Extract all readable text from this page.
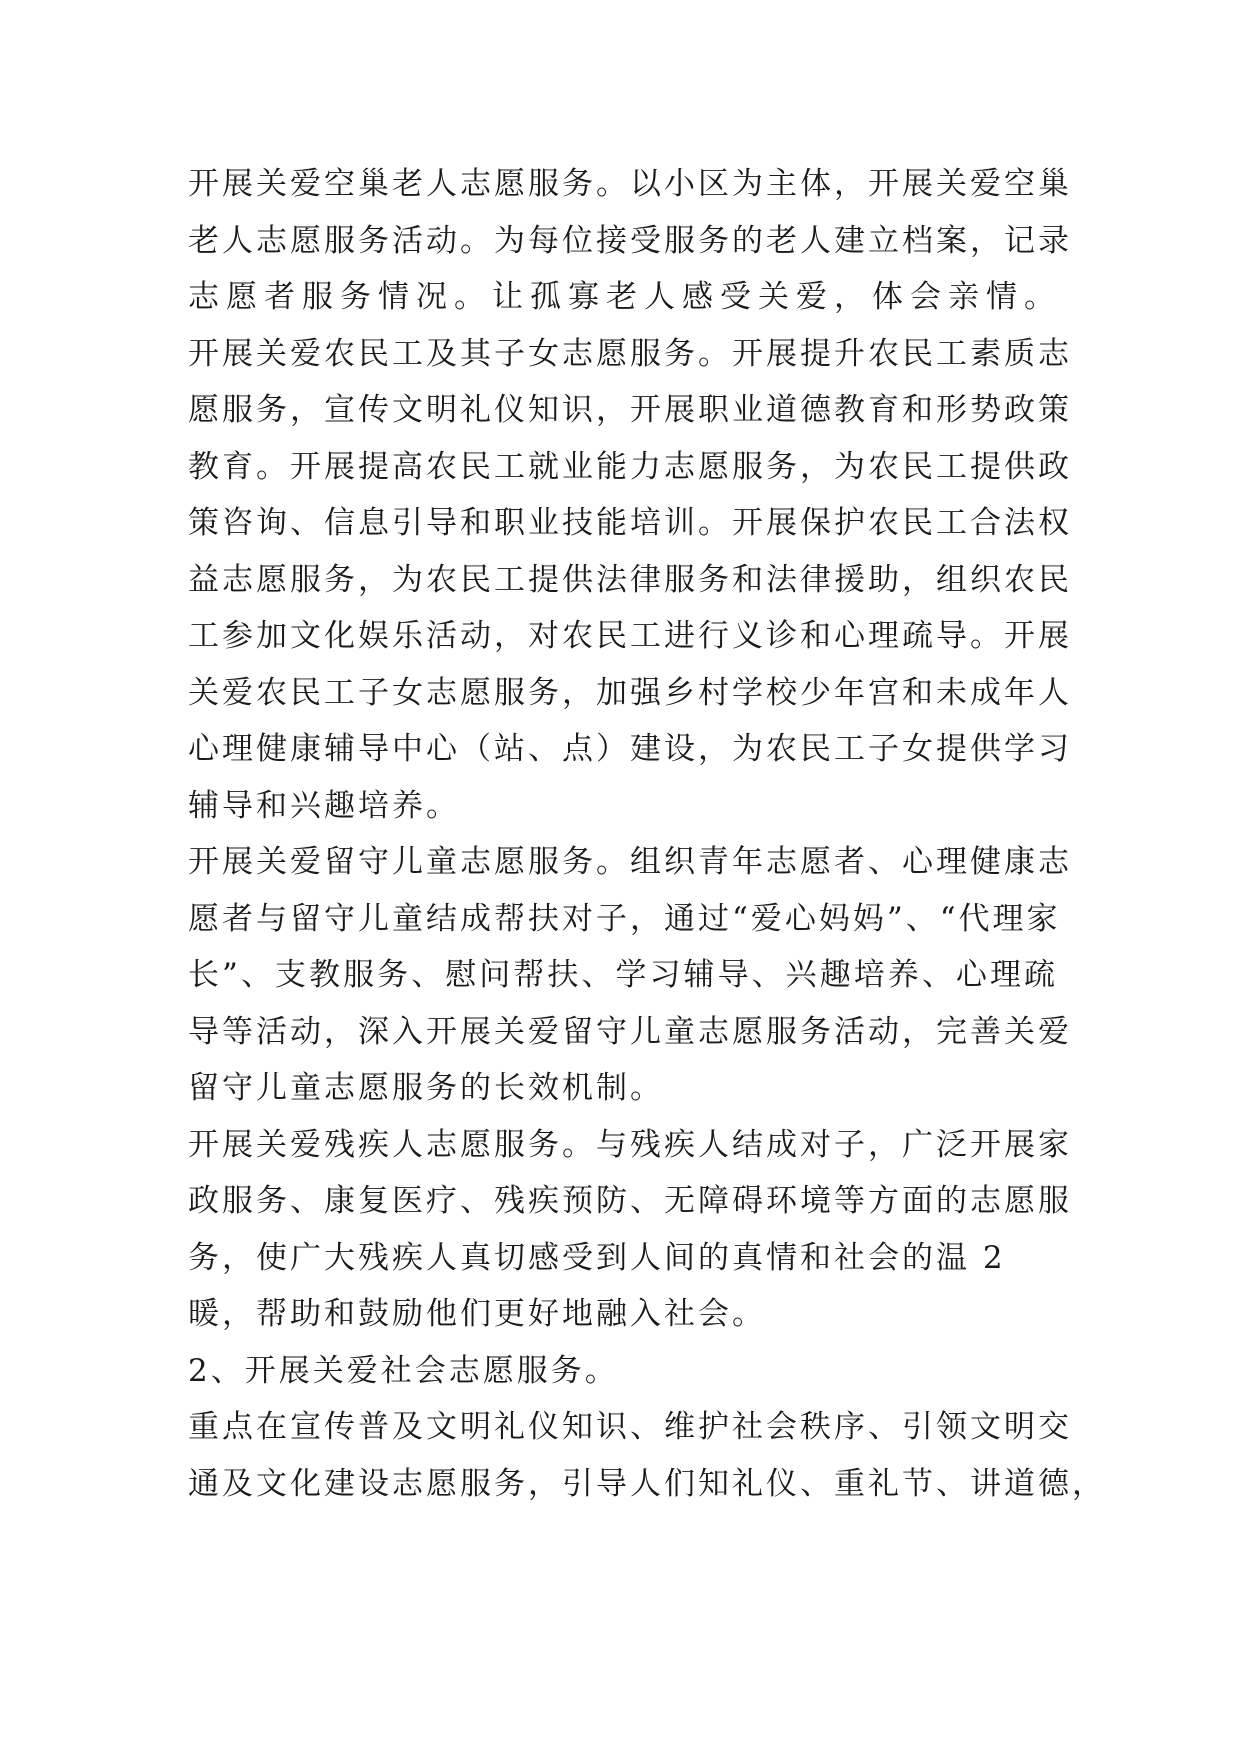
开展关爱空巢老人志愿服务。以小区为主体，开展关爱空巢
老人志愿服务活动。为每位接受服务的老人建立档案，记录
志愿者服务情况。让孤寡老人感受关爱，体会亲情。
开展关爱农民工及其子女志愿服务。开展提升农民工素质志
愿服务，宣传文明礼仪知识，开展职业道德教育和形势政策
教育。开展提高农民工就业能力志愿服务，为农民工提供政
策咨询、信息引导和职业技能培训。开展保护农民工合法权
益志愿服务，为农民工提供法律服务和法律援助，组织农民
工参加文化娱乐活动，对农民工进行义诊和心理疏导。开展
关爱农民工子女志愿服务，加强乡村学校少年宫和未成年人
心理健康辅导中心（站、点）建设，为农民工子女提供学习
辅导和兴趣培养。
开展关爱留守儿童志愿服务。组织青年志愿者、心理健康志
愿者与留守儿童结成帮扶对子，通过“爱心妈妈”、“代理家
长”、支教服务、慰问帮扶、学习辅导、兴趣培养、心理疏
导等活动，深入开展关爱留守儿童志愿服务活动，完善关爱
留守儿童志愿服务的长效机制。
开展关爱残疾人志愿服务。与残疾人结成对子，广泛开展家
政服务、康复医疗、残疾预防、无障碍环境等方面的志愿服
务，使广大残疾人真切感受到人间的真情和社会的温 2
暖，帮助和鼓励他们更好地融入社会。
2、开展关爱社会志愿服务。
重点在宣传普及文明礼仪知识、维护社会秩序、引领文明交
通及文化建设志愿服务，引导人们知礼仪、重礼节、讲道德，
